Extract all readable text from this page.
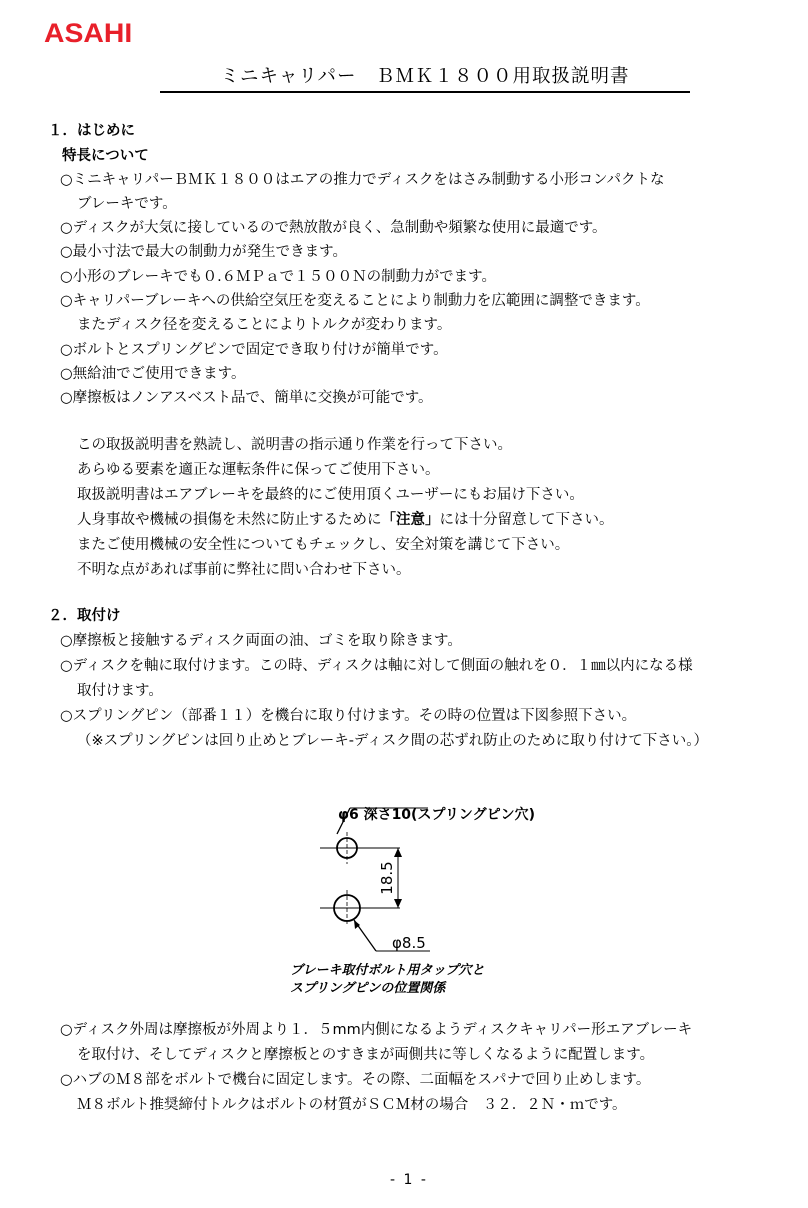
ASAHI
ミニキャリパー　ＢＭＫ１８００用取扱説明書
１．はじめに
特長について
○ミニキャリパーＢＭＫ１８００はエアの推力でディスクをはさみ制動する小形コンパクトな
ブレーキです。
○ディスクが大気に接しているので熱放散が良く、急制動や頻繁な使用に最適です。
○最小寸法で最大の制動力が発生できます。
○小形のブレーキでも０.６ＭＰａで１５００Ｎの制動力がでます。
○キャリパーブレーキへの供給空気圧を変えることにより制動力を広範囲に調整できます。
またディスク径を変えることによりトルクが変わります。
○ボルトとスプリングピンで固定でき取り付けが簡単です。
○無給油でご使用できます。
○摩擦板はノンアスベスト品で、簡単に交換が可能です。
この取扱説明書を熟読し、説明書の指示通り作業を行って下さい。
あらゆる要素を適正な運転条件に保ってご使用下さい。
取扱説明書はエアブレーキを最終的にご使用頂くユーザーにもお届け下さい。
人身事故や機械の損傷を未然に防止するために「注意」には十分留意して下さい。
またご使用機械の安全性についてもチェックし、安全対策を講じて下さい。
不明な点があれば事前に弊社に問い合わせ下さい。
２．取付け
○摩擦板と接触するディスク両面の油、ゴミを取り除きます。
○ディスクを軸に取付けます。この時、ディスクは軸に対して側面の触れを０．１㎜以内になる様
取付けます。
○スプリングピン（部番１１）を機台に取り付けます。その時の位置は下図参照下さい。
（※スプリングピンは回り止めとブレーキ-ディスク間の芯ずれ防止のために取り付けて下さい。）
φ6 深さ10(スプリングピン穴)
18.5
φ8.5
ブレーキ取付ボルト用タップ穴と
スプリングピンの位置関係
○ディスク外周は摩擦板が外周より１．５mm内側になるようディスクキャリパー形エアブレーキ
を取付け、そしてディスクと摩擦板とのすきまが両側共に等しくなるように配置します。
○ハブのＭ８部をボルトで機台に固定します。その際、二面幅をスパナで回り止めします。
Ｍ８ボルト推奨締付トルクはボルトの材質がＳＣＭ材の場合　３２．２Ｎ・ｍです。
- 1 -
